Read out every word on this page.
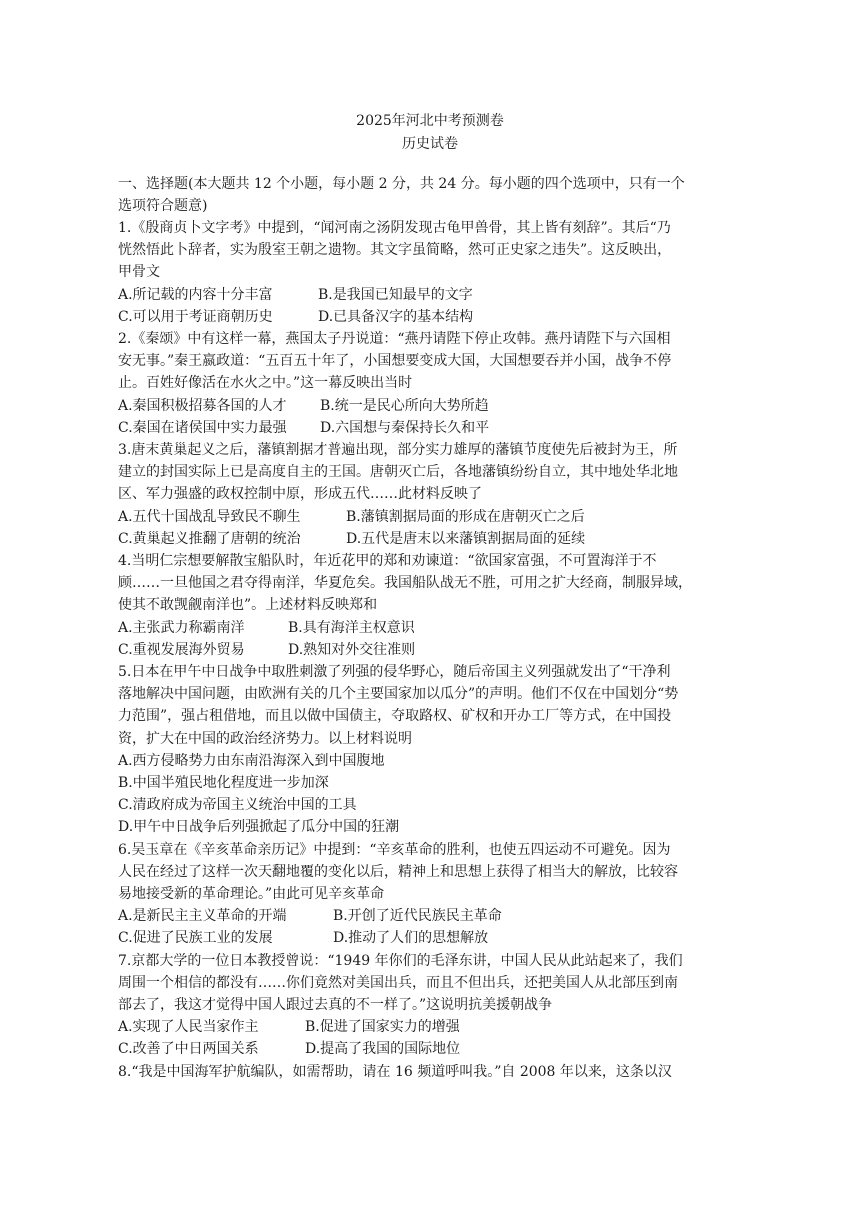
2025年河北中考预测卷
历史试卷
一、选择题(本大题共 12 个小题，每小题 2 分，共 24 分。每小题的四个选项中，只有一个
选项符合题意)
1.《殷商贞卜文字考》中提到，“闻河南之汤阴发现古龟甲兽骨，其上皆有刻辞”。其后“乃
恍然悟此卜辞者，实为殷室王朝之遗物。其文字虽简略，然可正史家之违失”。这反映出，
甲骨文
A.所记载的内容十分丰富	B.是我国已知最早的文字
C.可以用于考证商朝历史	D.已具备汉字的基本结构
2.《秦颂》中有这样一幕，燕国太子丹说道：“燕丹请陛下停止攻韩。燕丹请陛下与六国相
安无事。”秦王嬴政道：“五百五十年了，小国想要变成大国，大国想要吞并小国，战争不停
止。百姓好像活在水火之中。”这一幕反映出当时
A.秦国积极招募各国的人才 B.统一是民心所向大势所趋
C.秦国在诸侯国中实力最强 D.六国想与秦保持长久和平
3.唐末黄巢起义之后，藩镇割据才普遍出现，部分实力雄厚的藩镇节度使先后被封为王，所
建立的封国实际上已是高度自主的王国。唐朝灭亡后，各地藩镇纷纷自立，其中地处华北地
区、军力强盛的政权控制中原，形成五代……此材料反映了
A.五代十国战乱导致民不聊生	B.藩镇割据局面的形成在唐朝灭亡之后
C.黄巢起义推翻了唐朝的统治	D.五代是唐末以来藩镇割据局面的延续
4.当明仁宗想要解散宝船队时，年近花甲的郑和劝谏道：“欲国家富强，不可置海洋于不
顾……一旦他国之君夺得南洋，华夏危矣。我国船队战无不胜，可用之扩大经商，制服异域，
使其不敢觊觎南洋也”。上述材料反映郑和
A.主张武力称霸南洋	B.具有海洋主权意识
C.重视发展海外贸易	D.熟知对外交往准则
5.日本在甲午中日战争中取胜刺激了列强的侵华野心，随后帝国主义列强就发出了“干净利
落地解决中国问题，由欧洲有关的几个主要国家加以瓜分”的声明。他们不仅在中国划分“势
力范围”，强占租借地，而且以做中国债主，夺取路权、矿权和开办工厂等方式，在中国投
资，扩大在中国的政治经济势力。以上材料说明
A.西方侵略势力由东南沿海深入到中国腹地
B.中国半殖民地化程度进一步加深
C.清政府成为帝国主义统治中国的工具
D.甲午中日战争后列强掀起了瓜分中国的狂潮
6.吴玉章在《辛亥革命亲历记》中提到：“辛亥革命的胜利，也使五四运动不可避免。因为
人民在经过了这样一次天翻地覆的变化以后，精神上和思想上获得了相当大的解放，比较容
易地接受新的革命理论。”由此可见辛亥革命
A.是新民主主义革命的开端	B.开创了近代民族民主革命
C.促进了民族工业的发展	D.推动了人们的思想解放
7.京都大学的一位日本教授曾说：“1949 年你们的毛泽东讲，中国人民从此站起来了，我们
周围一个相信的都没有……你们竟然对美国出兵，而且不但出兵，还把美国人从北部压到南
部去了，我这才觉得中国人跟过去真的不一样了。”这说明抗美援朝战争
A.实现了人民当家作主	B.促进了国家实力的增强
C.改善了中日两国关系	D.提高了我国的国际地位
8.“我是中国海军护航编队，如需帮助，请在 16 频道呼叫我。”自 2008 年以来，这条以汉
